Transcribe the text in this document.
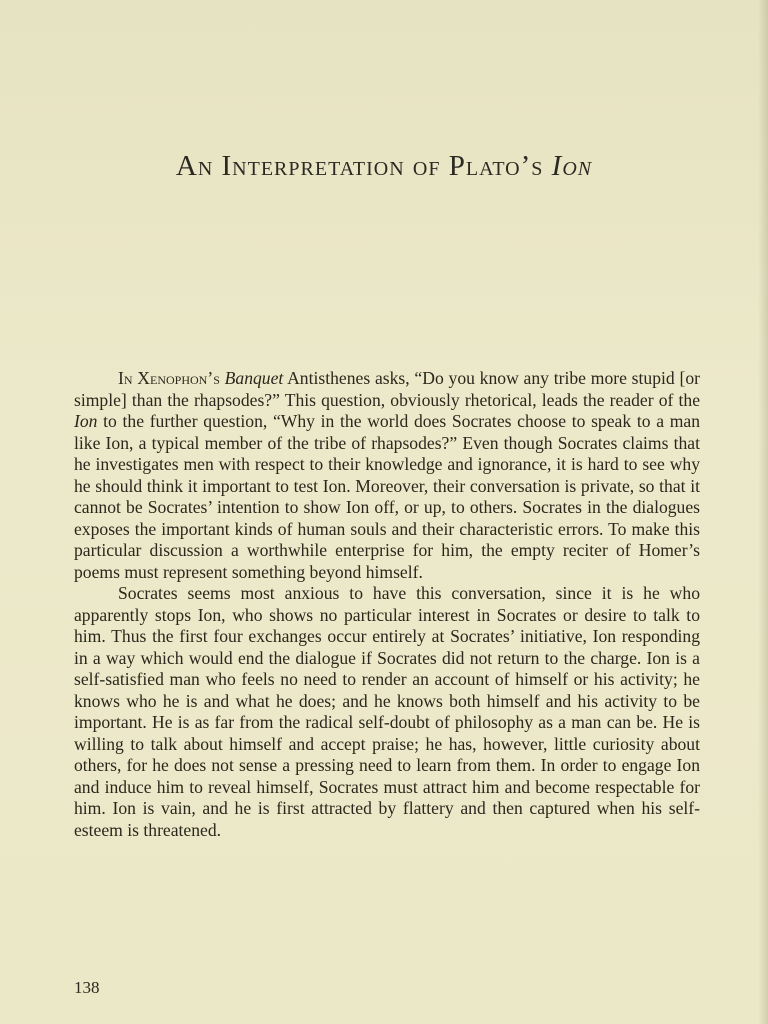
An Interpretation of Plato’s Ion

In Xenophon’s Banquet Antisthenes asks, “Do you know any tribe more stupid [or simple] than the rhapsodes?” This question, obviously rhetorical, leads the reader of the Ion to the further question, “Why in the world does Socrates choose to speak to a man like Ion, a typical member of the tribe of rhapsodes?” Even though Socrates claims that he investigates men with respect to their knowledge and ignorance, it is hard to see why he should think it important to test Ion. Moreover, their conversation is private, so that it cannot be Socrates’ intention to show Ion off, or up, to others. Socrates in the dialogues exposes the important kinds of human souls and their characteristic errors. To make this particular discussion a worthwhile enterprise for him, the empty reciter of Homer’s poems must represent something beyond himself.

Socrates seems most anxious to have this conversation, since it is he who apparently stops Ion, who shows no particular interest in Socrates or desire to talk to him. Thus the first four exchanges occur entirely at Socrates’ initiative, Ion responding in a way which would end the dialogue if Socrates did not return to the charge. Ion is a self-satisfied man who feels no need to render an account of himself or his activity; he knows who he is and what he does; and he knows both himself and his activity to be important. He is as far from the radical self-doubt of philosophy as a man can be. He is willing to talk about himself and accept praise; he has, however, little curiosity about others, for he does not sense a pressing need to learn from them. In order to engage Ion and induce him to reveal himself, Socrates must attract him and become respectable for him. Ion is vain, and he is first attracted by flattery and then captured when his self-esteem is threatened.

138
